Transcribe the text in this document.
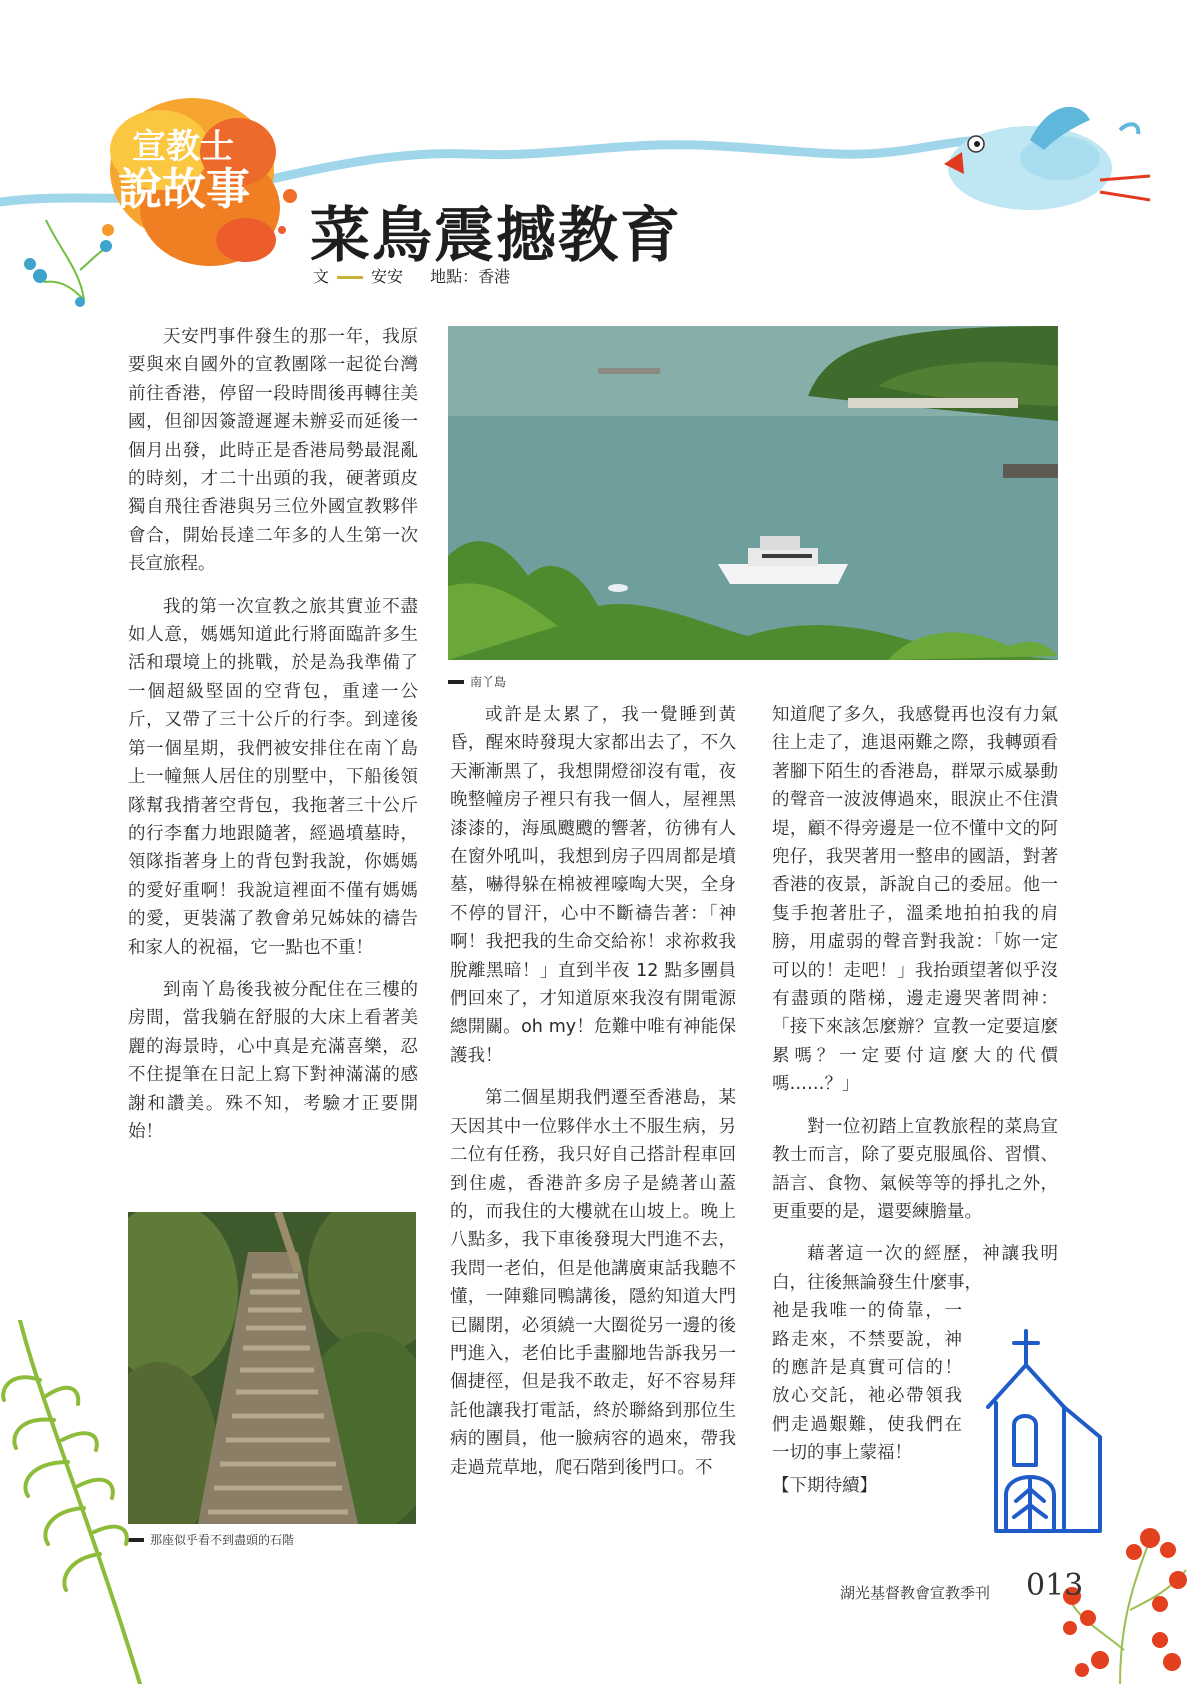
宣教士
說故事
菜鳥震撼教育
文	安安 地點：香港

天安門事件發生的那一年，我原要與來自國外的宣教團隊一起從台灣前往香港，停留一段時間後再轉往美國，但卻因簽證遲遲未辦妥而延後一個月出發，此時正是香港局勢最混亂的時刻，才二十出頭的我，硬著頭皮獨自飛往香港與另三位外國宣教夥伴會合，開始長達二年多的人生第一次長宣旅程。

我的第一次宣教之旅其實並不盡如人意，媽媽知道此行將面臨許多生活和環境上的挑戰，於是為我準備了一個超級堅固的空背包，重達一公斤，又帶了三十公斤的行李。到達後第一個星期，我們被安排住在南丫島上一幢無人居住的別墅中，下船後領隊幫我揹著空背包，我拖著三十公斤的行李奮力地跟隨著，經過墳墓時，領隊指著身上的背包對我說，你媽媽的愛好重啊！我說這裡面不僅有媽媽的愛，更裝滿了教會弟兄姊妹的禱告和家人的祝福，它一點也不重！

到南丫島後我被分配住在三樓的房間，當我躺在舒服的大床上看著美麗的海景時，心中真是充滿喜樂，忍不住提筆在日記上寫下對神滿滿的感謝和讚美。殊不知，考驗才正要開始！

那座似乎看不到盡頭的石階
南丫島

或許是太累了，我一覺睡到黃昏，醒來時發現大家都出去了，不久天漸漸黑了，我想開燈卻沒有電，夜晚整幢房子裡只有我一個人，屋裡黑漆漆的，海風颼颼的響著，彷彿有人在窗外吼叫，我想到房子四周都是墳墓，嚇得躲在棉被裡嚎啕大哭，全身不停的冒汗，心中不斷禱告著：「神啊！我把我的生命交給祢！求祢救我脫離黑暗！」直到半夜 12 點多團員們回來了，才知道原來我沒有開電源總開關。oh my！危難中唯有神能保護我！

第二個星期我們遷至香港島，某天因其中一位夥伴水土不服生病，另二位有任務，我只好自己搭計程車回到住處，香港許多房子是繞著山蓋的，而我住的大樓就在山坡上。晚上八點多，我下車後發現大門進不去，我問一老伯，但是他講廣東話我聽不懂，一陣雞同鴨講後，隱約知道大門已關閉，必須繞一大圈從另一邊的後門進入，老伯比手畫腳地告訴我另一個捷徑，但是我不敢走，好不容易拜託他讓我打電話，終於聯絡到那位生病的團員，他一臉病容的過來，帶我走過荒草地，爬石階到後門口。不

知道爬了多久，我感覺再也沒有力氣往上走了，進退兩難之際，我轉頭看著腳下陌生的香港島，群眾示威暴動的聲音一波波傳過來，眼淚止不住潰堤，顧不得旁邊是一位不懂中文的阿兜仔，我哭著用一整串的國語，對著香港的夜景，訴說自己的委屈。他一隻手抱著肚子，溫柔地拍拍我的肩膀，用虛弱的聲音對我說：「妳一定可以的！走吧！」我抬頭望著似乎沒有盡頭的階梯，邊走邊哭著問神：「接下來該怎麼辦？宣教一定要這麼累嗎？一定要付這麼大的代價嗎……？」

對一位初踏上宣教旅程的菜鳥宣教士而言，除了要克服風俗、習慣、語言、食物、氣候等等的掙扎之外，更重要的是，還要練膽量。

藉著這一次的經歷，神讓我明白，往後無論發生什麼事，

祂是我唯一的倚靠，一路走來，不禁要說，神的應許是真實可信的！放心交託，祂必帶領我們走過艱難，使我們在一切的事上蒙福！

【下期待續】

湖光基督教會宣教季刊 013
